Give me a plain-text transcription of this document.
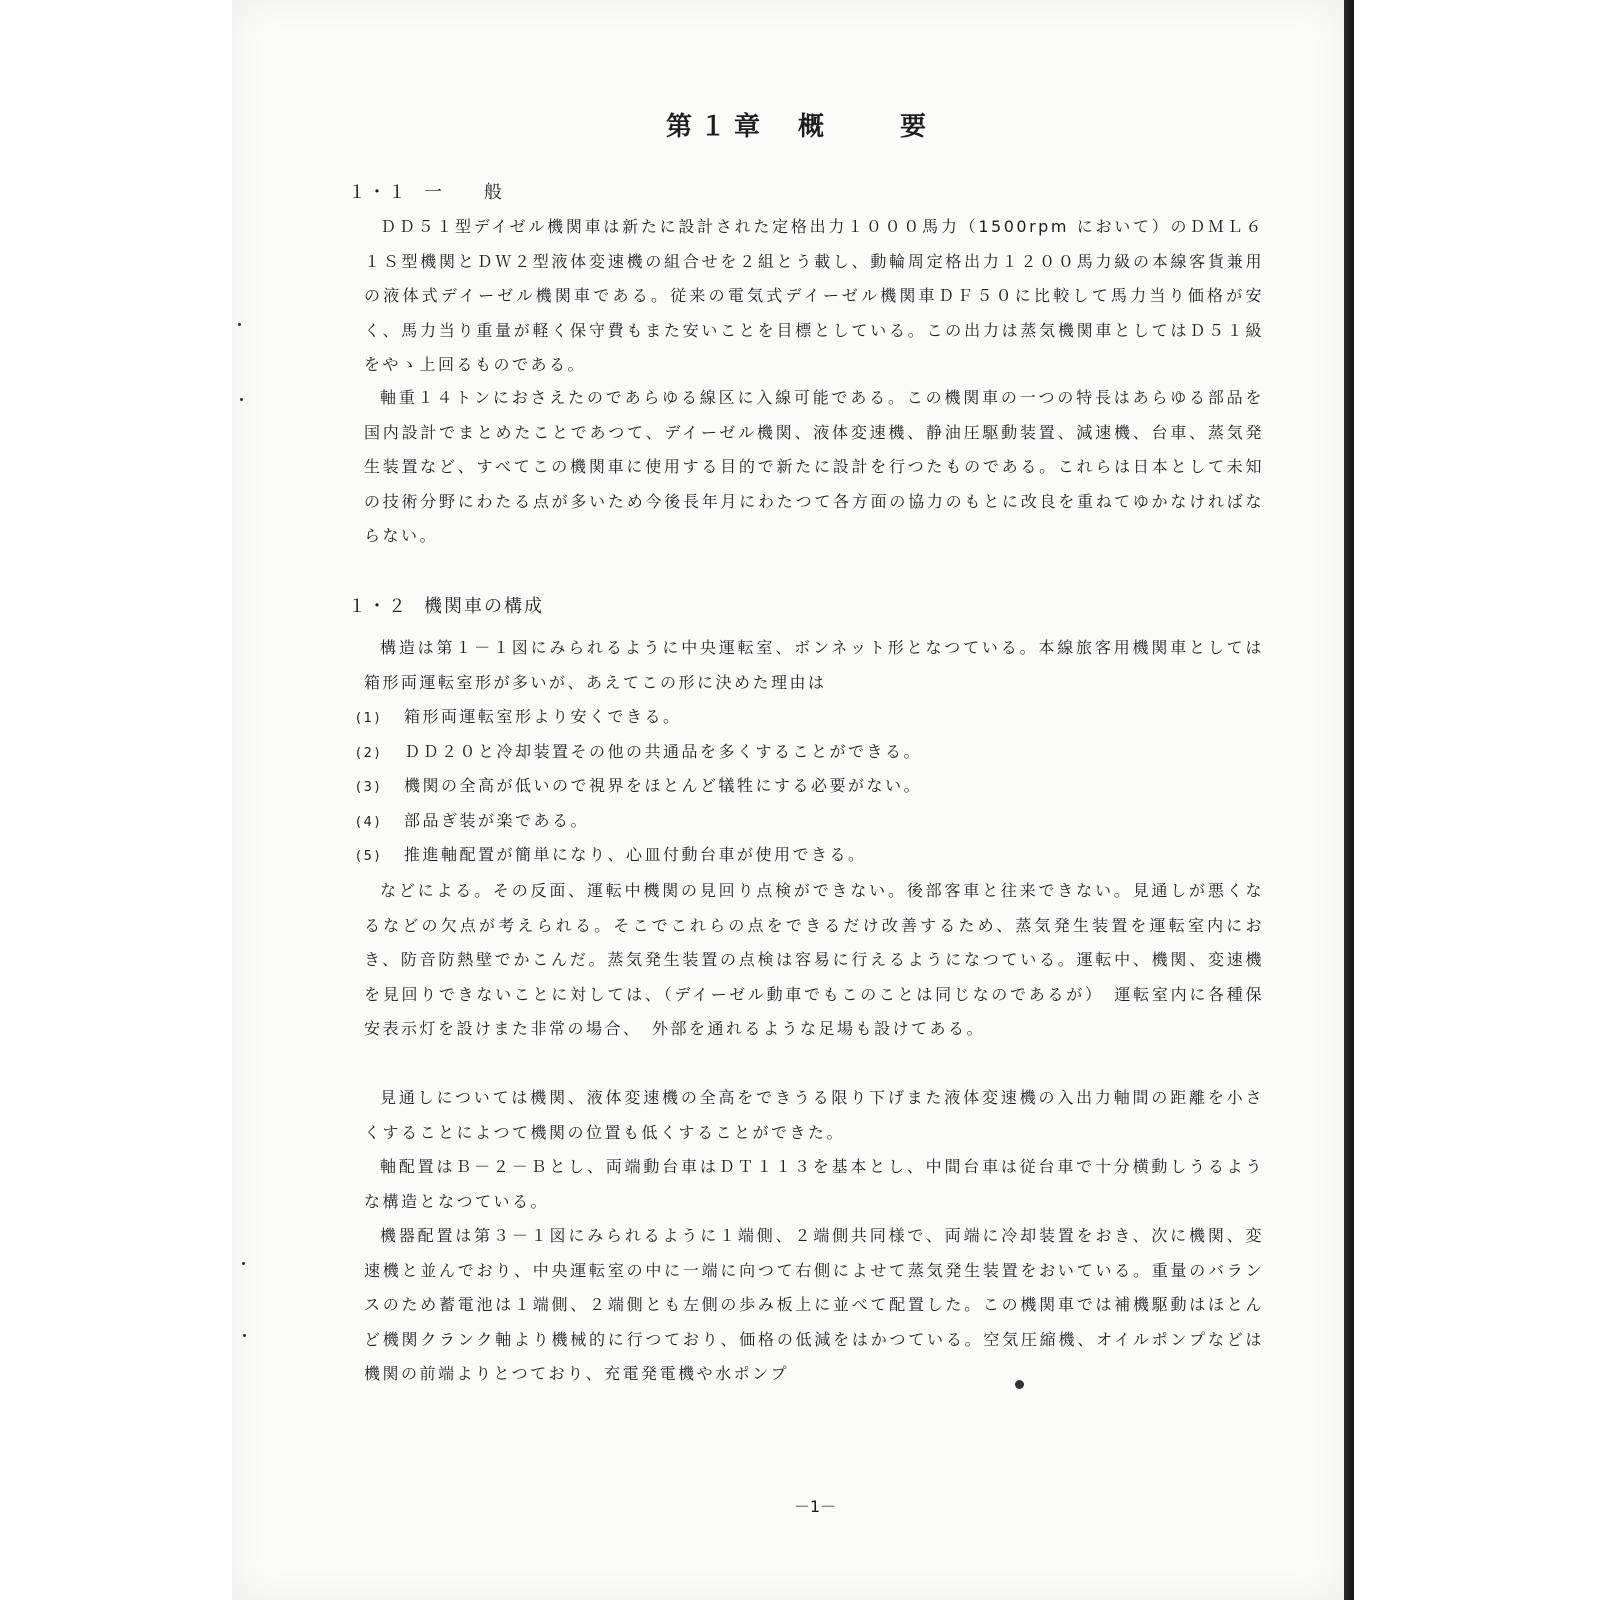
第１章 概　　要
１・１ 一　　般

ＤＤ５１型デイゼル機関車は新たに設計された定格出力１０００馬力（1500rpm において）のＤＭＬ６１Ｓ型機関とＤＷ２型液体変速機の組合せを２組とう載し、動輪周定格出力１２００馬力級の本線客貨兼用の液体式デイーゼル機関車である。従来の電気式デイーゼル機関車ＤＦ５０に比較して馬力当り価格が安く、馬力当り重量が軽く保守費もまた安いことを目標としている。この出力は蒸気機関車としてはＤ５１級をやゝ上回るものである。

軸重１４トンにおさえたのであらゆる線区に入線可能である。この機関車の一つの特長はあらゆる部品を国内設計でまとめたことであつて、デイーゼル機関、液体変速機、静油圧駆動装置、減速機、台車、蒸気発生装置など、すべてこの機関車に使用する目的で新たに設計を行つたものである。これらは日本として未知の技術分野にわたる点が多いため今後長年月にわたつて各方面の協力のもとに改良を重ねてゆかなければならない。

１・２ 機関車の構成

構造は第１－１図にみられるように中央運転室、ボンネット形となつている。本線旅客用機関車としては箱形両運転室形が多いが、あえてこの形に決めた理由は

(1) 箱形両運転室形より安くできる。
(2) ＤＤ２０と冷却装置その他の共通品を多くすることができる。
(3) 機関の全高が低いので視界をほとんど犠牲にする必要がない。
(4) 部品ぎ装が楽である。
(5) 推進軸配置が簡単になり、心皿付動台車が使用できる。

などによる。その反面、運転中機関の見回り点検ができない。後部客車と往来できない。見通しが悪くなるなどの欠点が考えられる。そこでこれらの点をできるだけ改善するため、蒸気発生装置を運転室内におき、防音防熱壁でかこんだ。蒸気発生装置の点検は容易に行えるようになつている。運転中、機関、変速機を見回りできないことに対しては、（デイーゼル動車でもこのことは同じなのであるが）　運転室内に各種保安表示灯を設けまた非常の場合、　外部を通れるような足場も設けてある。

見通しについては機関、液体変速機の全高をできうる限り下げまた液体変速機の入出力軸間の距離を小さくすることによつて機関の位置も低くすることができた。

軸配置はＢ－２－Ｂとし、両端動台車はＤＴ１１３を基本とし、中間台車は従台車で十分横動しうるような構造となつている。

機器配置は第３－１図にみられるように１端側、２端側共同様で、両端に冷却装置をおき、次に機関、変速機と並んでおり、中央運転室の中に一端に向つて右側によせて蒸気発生装置をおいている。重量のバランスのため蓄電池は１端側、２端側とも左側の歩み板上に並べて配置した。この機関車では補機駆動はほとんど機関クランク軸より機械的に行つており、価格の低減をはかつている。空気圧縮機、オイルポンプなどは機関の前端よりとつており、充電発電機や水ポンプ

－1－
